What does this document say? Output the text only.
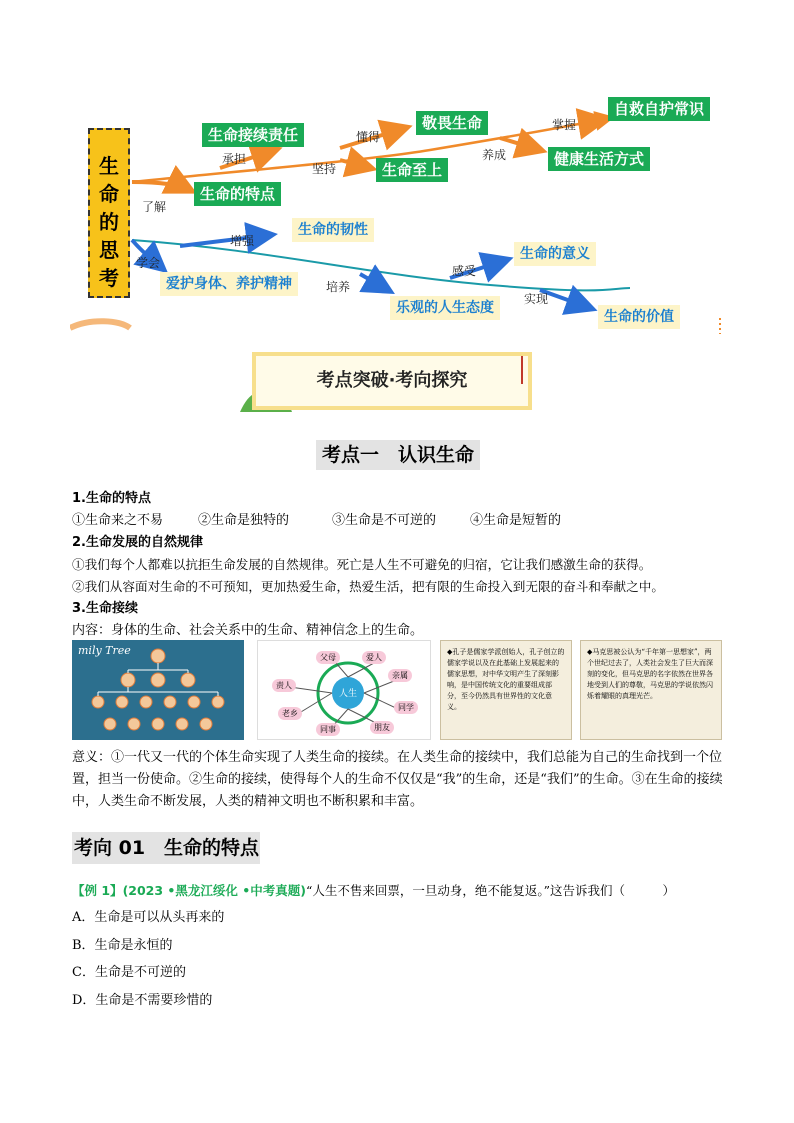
生
命
的
思
考
生命接续责任
生命的特点
敬畏生命
生命至上
自救自护常识
健康生活方式
承担
了解
懂得
坚持
掌握
养成
生命的韧性
爱护身体、养护精神
乐观的人生态度
生命的意义
生命的价值
增强
学会
培养
感受
实现
考点突破·考向探究
考点一　认识生命
1.生命的特点
①生命来之不易	②生命是独特的	③生命是不可逆的	④生命是短暂的
2.生命发展的自然规律
①我们每个人都难以抗拒生命发展的自然规律。死亡是人生不可避免的归宿，它让我们感激生命的获得。
②我们从容面对生命的不可预知，更加热爱生命，热爱生活，把有限的生命投入到无限的奋斗和奉献之中。
3.生命接续
内容：身体的生命、社会关系中的生命、精神信念上的生命。
mily Tree
人生
父母	爱人
亲属
同学
朋友
同事
老乡
责人
◆孔子是儒家学派创始人，孔子创立的儒家学说以及在此基础上发展起来的儒家思想，对中华文明产生了深刻影响，是中国传统文化的重要组成部分，至今仍然具有世界性的文化意义。
◆马克思被公认为“千年第一思想家”，两个世纪过去了，人类社会发生了巨大而深刻的变化，但马克思的名字依然在世界各地受到人们的尊敬，马克思的学说依然闪烁着耀眼的真理光芒。
意义：①一代又一代的个体生命实现了人类生命的接续。在人类生命的接续中，我们总能为自己的生命找到一个位置，担当一份使命。②生命的接续，使得每个人的生命不仅仅是“我”的生命，还是“我们”的生命。③在生命的接续中，人类生命不断发展，人类的精神文明也不断积累和丰富。
考向 01　生命的特点
【例 1】(2023 •黑龙江绥化 •中考真题)“人生不售来回票，一旦动身，绝不能复返。”这告诉我们（　　　）
A．生命是可以从头再来的
B．生命是永恒的
C．生命是不可逆的
D．生命是不需要珍惜的
